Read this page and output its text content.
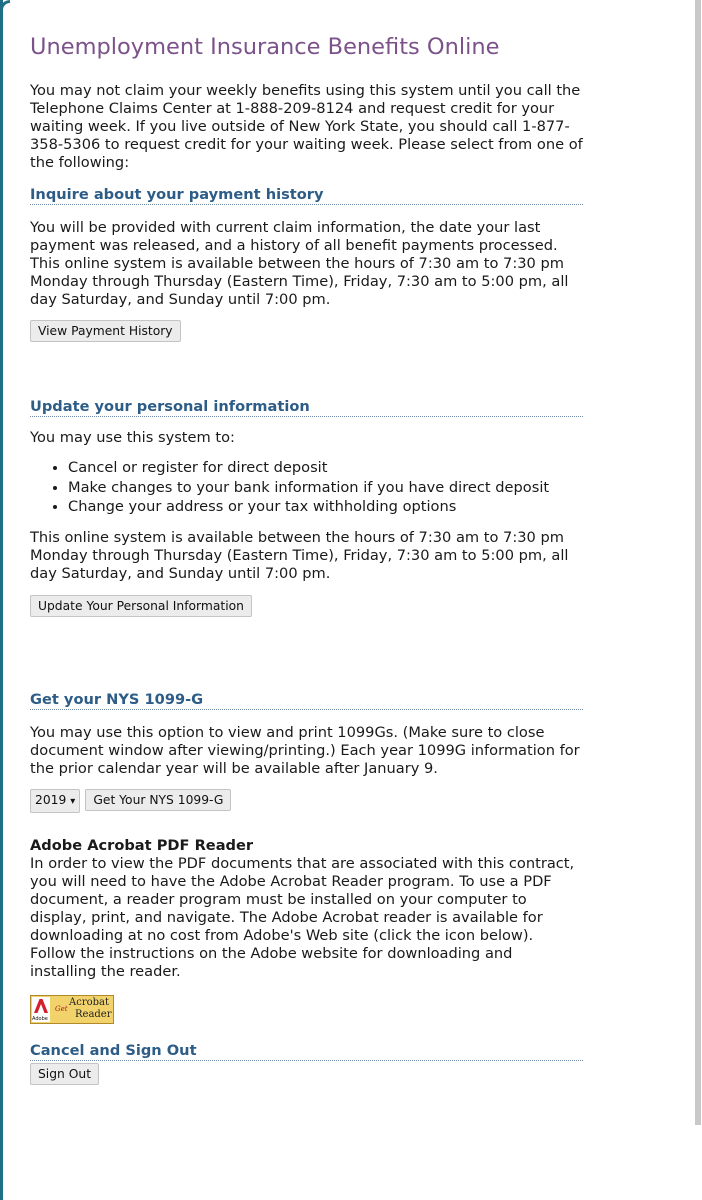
Unemployment Insurance Benefits Online

You may not claim your weekly benefits using this system until you call the Telephone Claims Center at 1-888-209-8124 and request credit for your waiting week. If you live outside of New York State, you should call 1-877-358-5306 to request credit for your waiting week. Please select from one of the following:

Inquire about your payment history

You will be provided with current claim information, the date your last payment was released, and a history of all benefit payments processed. This online system is available between the hours of 7:30 am to 7:30 pm Monday through Thursday (Eastern Time), Friday, 7:30 am to 5:00 pm, all day Saturday, and Sunday until 7:00 pm.

View Payment History
Update your personal information

You may use this system to:

• Cancel or register for direct deposit
• Make changes to your bank information if you have direct deposit
• Change your address or your tax withholding options

This online system is available between the hours of 7:30 am to 7:30 pm Monday through Thursday (Eastern Time), Friday, 7:30 am to 5:00 pm, all day Saturday, and Sunday until 7:00 pm.

Update Your Personal Information
Get your NYS 1099-G

You may use this option to view and print 1099Gs. (Make sure to close document window after viewing/printing.) Each year 1099G information for the prior calendar year will be available after January 9.

2019 ▾ Get Your NYS 1099-G
Adobe Acrobat PDF Reader

In order to view the PDF documents that are associated with this contract, you will need to have the Adobe Acrobat Reader program. To use a PDF document, a reader program must be installed on your computer to display, print, and navigate. The Adobe Acrobat reader is available for downloading at no cost from Adobe's Web site (click the icon below). Follow the instructions on the Adobe website for downloading and installing the reader.

Adobe
Get
Acrobat
Reader
Cancel and Sign Out
Sign Out
